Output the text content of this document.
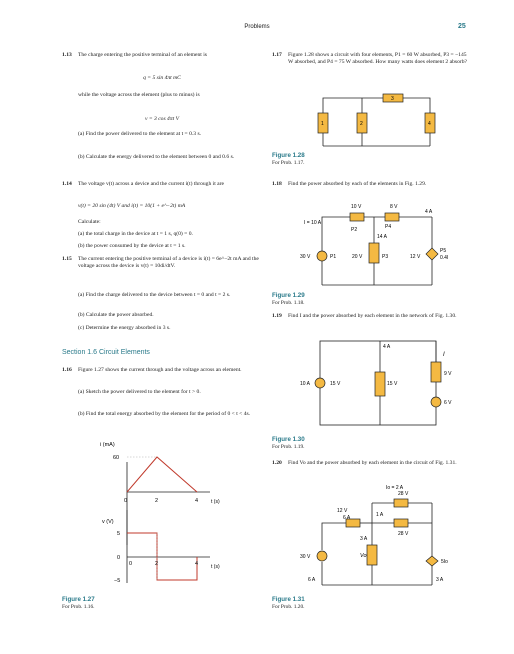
Problems	25
1.13 The charge entering the positive terminal of an element is
q = 5 sin 4πt mC
while the voltage across the element (plus to minus) is
v = 3 cos 4πt V
(a) Find the power delivered to the element at t = 0.3 s.
(b) Calculate the energy delivered to the element between 0 and 0.6 s.
1.14 The voltage v(t) across a device and the current i(t) through it are
v(t) = 20 sin (4t) V and i(t) = 10(1 + e^−2t) mA
Calculate:
(a) the total charge in the device at t = 1 s, q(0) = 0.
(b) the power consumed by the device at t = 1 s.
1.15 The current entering the positive terminal of a device is i(t) = 6e^−2t mA and the voltage across the device is v(t) = 10di/dtV.
(a) Find the charge delivered to the device between t = 0 and t = 2 s.
(b) Calculate the power absorbed.
(c) Determine the energy absorbed in 3 s.
Section 1.6 Circuit Elements
1.16 Figure 1.27 shows the current through and the voltage across an element.
(a) Sketch the power delivered to the element for t > 0.
(b) Find the total energy absorbed by the element for the period of 0 < t < 4s.
i (mA)
60
0	2	4	t (s)
v (V)
5
0
−5
0	2	4	t (s)
Figure 1.27
For Prob. 1.16.
1.17 Figure 1.28 shows a circuit with four elements, P1 = 60 W absorbed, P3 = −145 W absorbed, and P4 = 75 W absorbed. How many watts does element 2 absorb?
1.18 Find the power absorbed by each of the elements in Fig. 1.29.
1.19 Find I and the power absorbed by each element in the network of Fig. 1.30.
1.20 Find Vo and the power absorbed by each element in the circuit of Fig. 1.31.
1	2
3
4
I = 10 A
10 V	8 V
4 A
P2	P4
14 A
30 V	P1	20 V	P3	12 V
P5
0.4I
4 A
I
9 V
10 A	15 V	15 V
6 V
Io = 2 A
6 A
12 V
1 A
28 V
3 A
28 V
30 V	Vo
5Io
6 A	3 A
Figure 1.28
For Prob. 1.17.
Figure 1.29
For Prob. 1.18.
Figure 1.30
For Prob. 1.19.
Figure 1.31
For Prob. 1.20.
